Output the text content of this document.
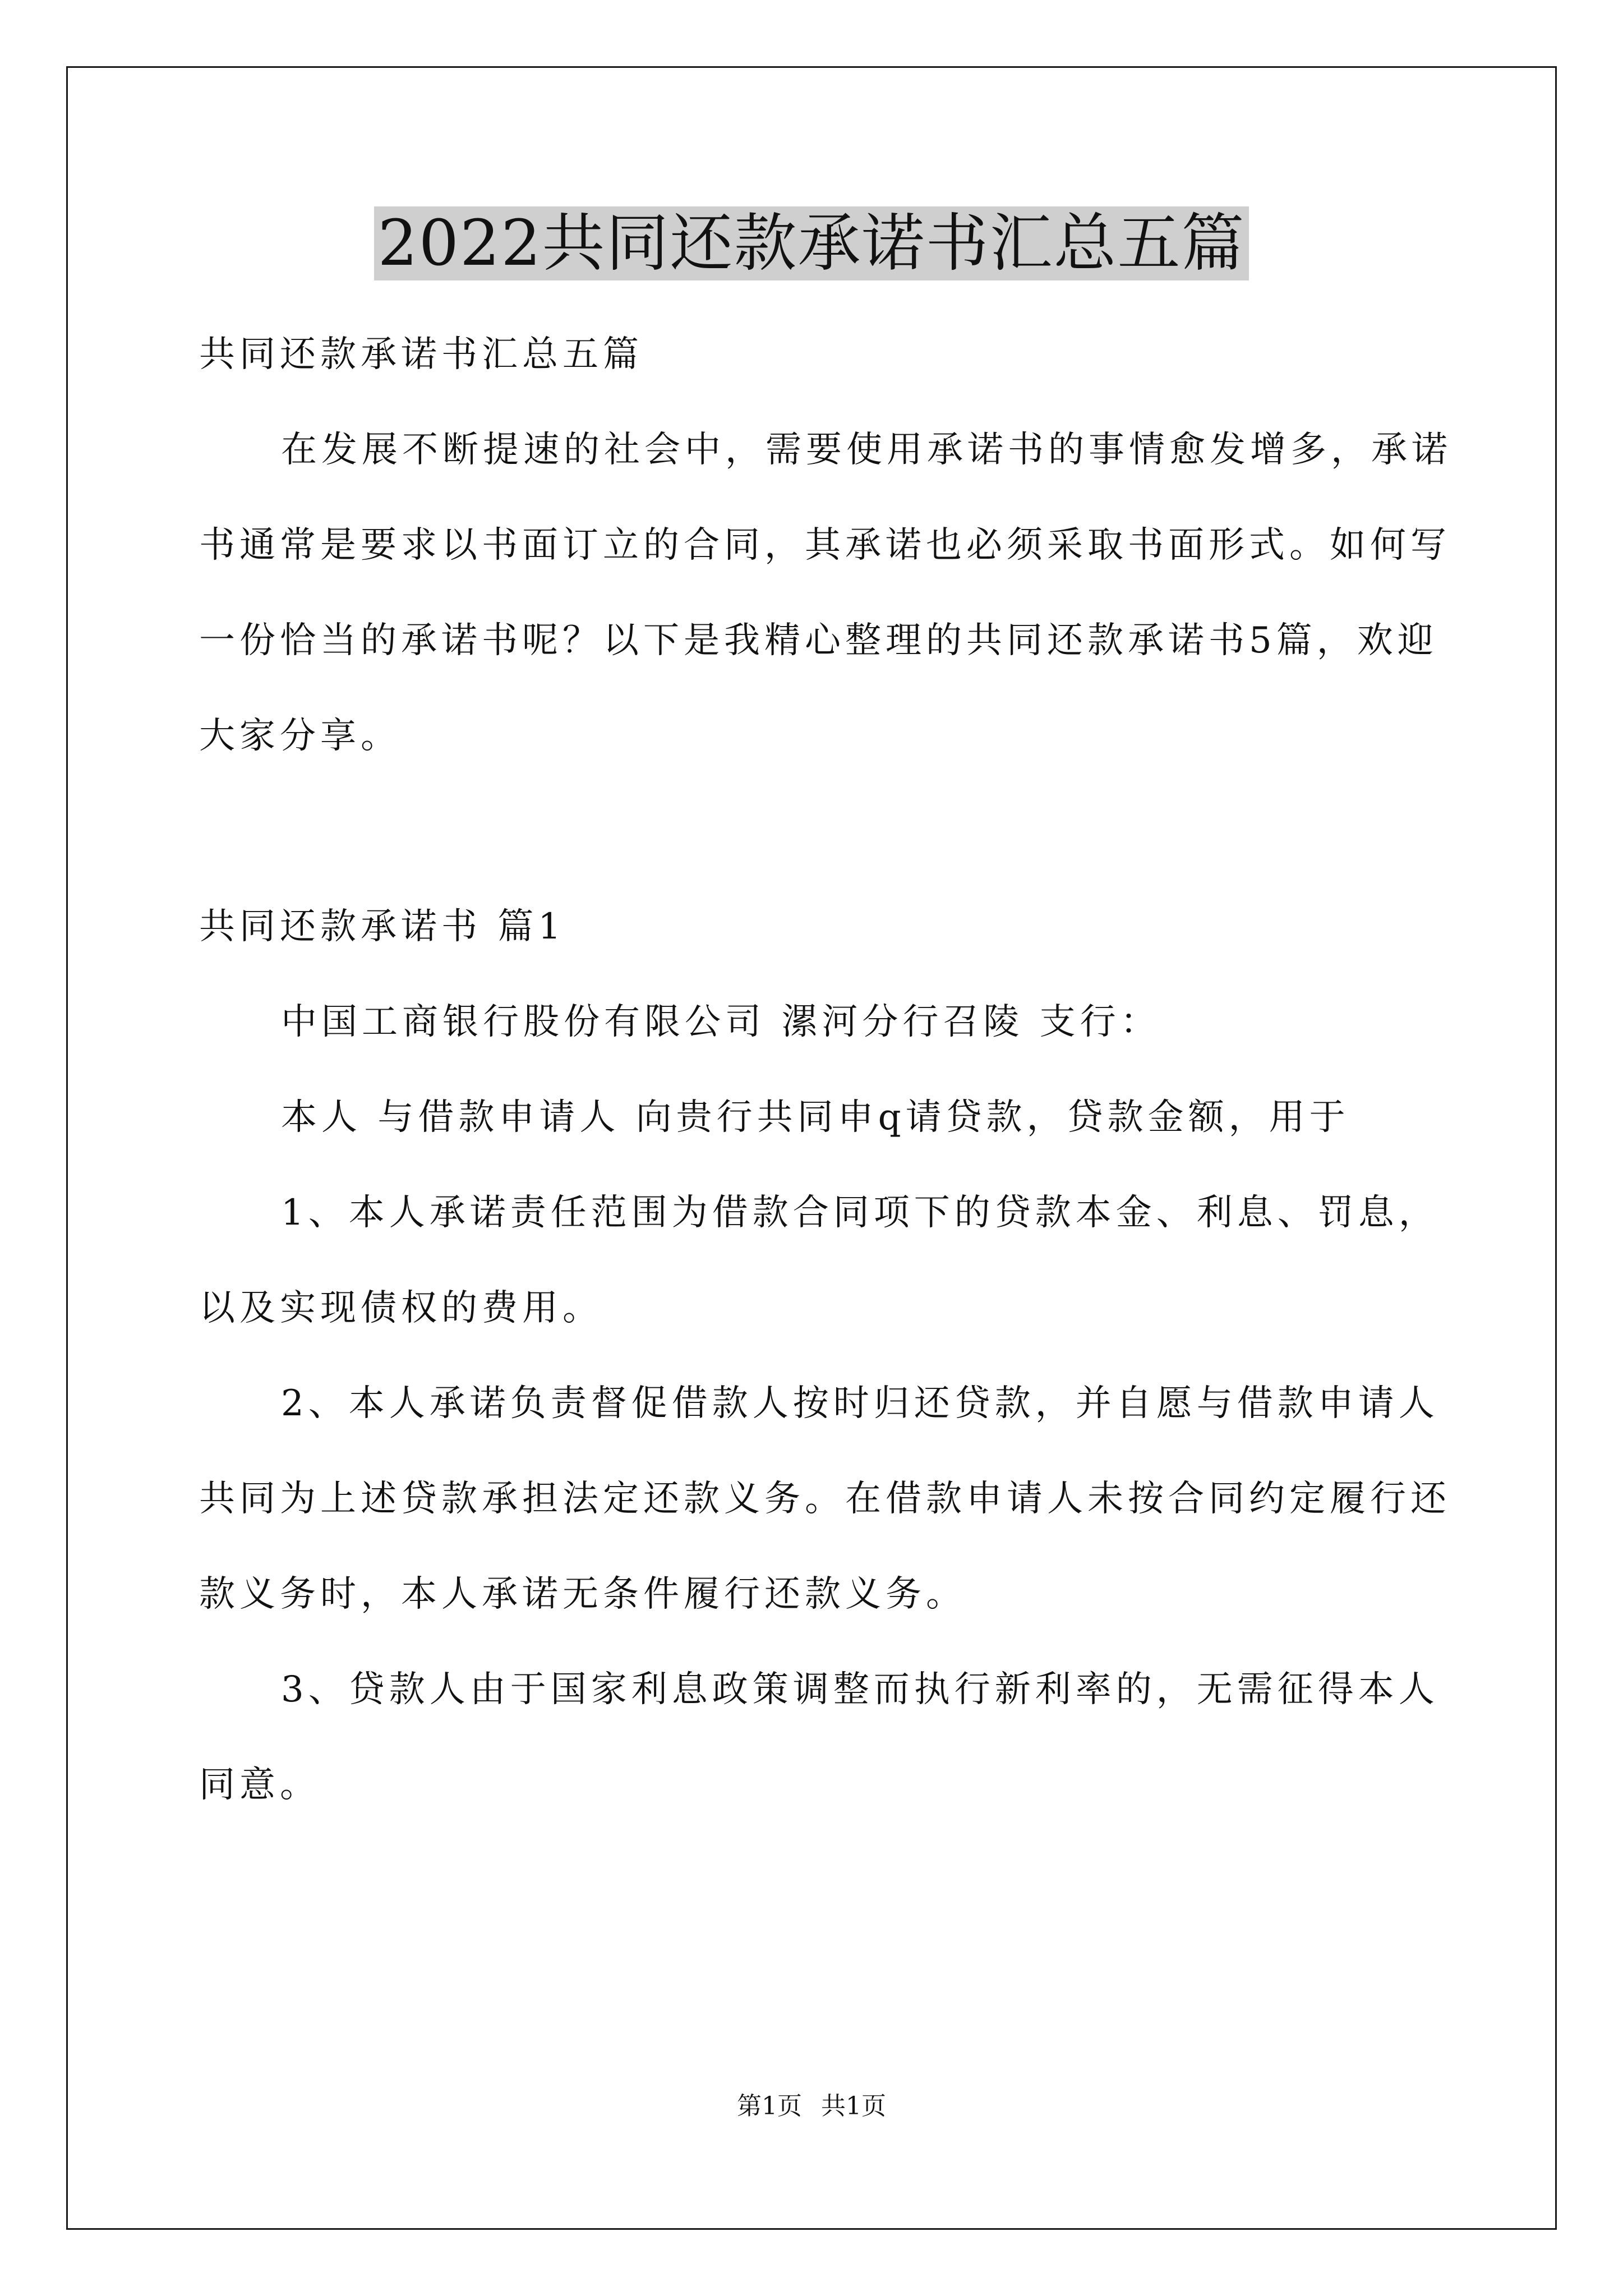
2022共同还款承诺书汇总五篇

共同还款承诺书汇总五篇

在发展不断提速的社会中，需要使用承诺书的事情愈发增多，承诺书通常是要求以书面订立的合同，其承诺也必须采取书面形式。如何写一份恰当的承诺书呢？以下是我精心整理的共同还款承诺书5篇，欢迎大家分享。

共同还款承诺书 篇1

中国工商银行股份有限公司 漯河分行召陵 支行：

本人 与借款申请人 向贵行共同申q请贷款，贷款金额，用于

1、本人承诺责任范围为借款合同项下的贷款本金、利息、罚息，以及实现债权的费用。

2、本人承诺负责督促借款人按时归还贷款，并自愿与借款申请人共同为上述贷款承担法定还款义务。在借款申请人未按合同约定履行还款义务时，本人承诺无条件履行还款义务。

3、贷款人由于国家利息政策调整而执行新利率的，无需征得本人同意。

第1页 共1页
